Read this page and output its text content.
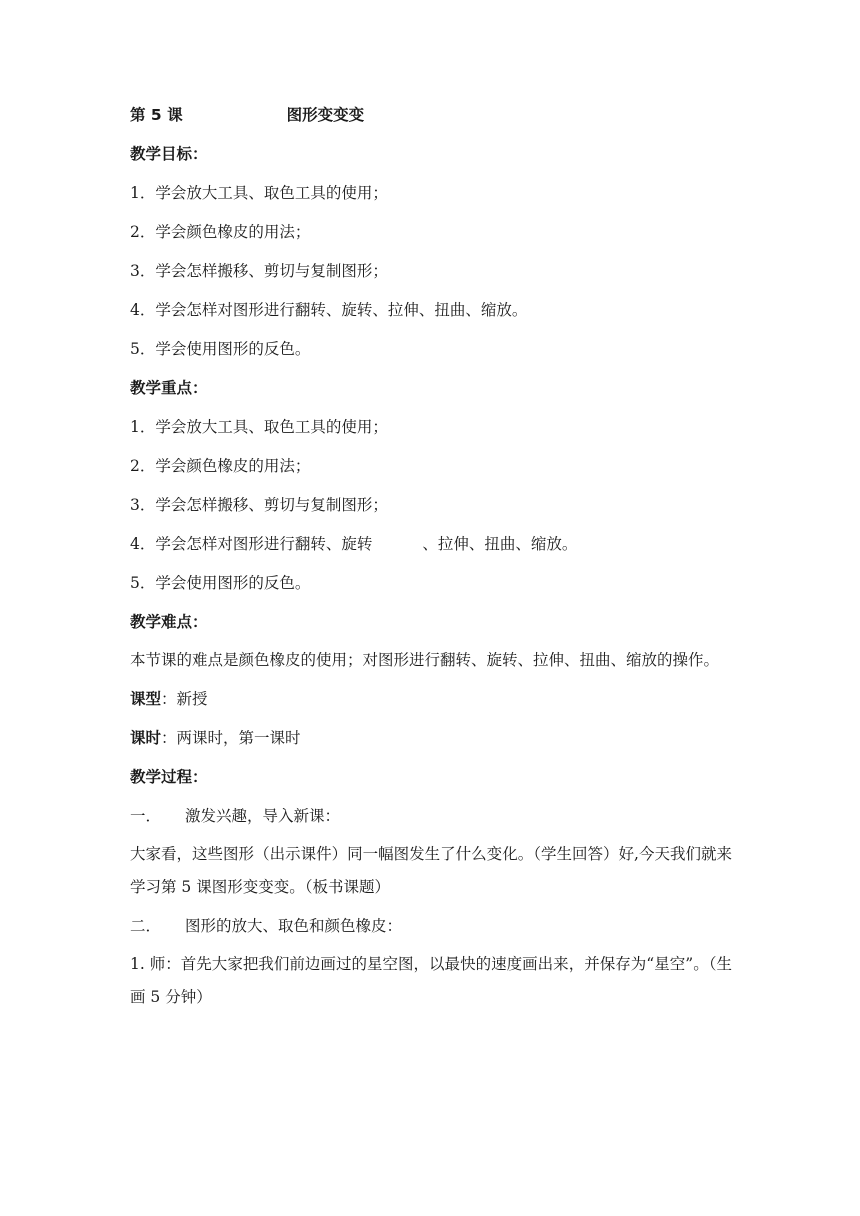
第 5 课	图形变变变
教学目标：
1．学会放大工具、取色工具的使用；
2．学会颜色橡皮的用法；
3．学会怎样搬移、剪切与复制图形；
4．学会怎样对图形进行翻转、旋转、拉伸、扭曲、缩放。
5．学会使用图形的反色。
教学重点：
1．学会放大工具、取色工具的使用；
2．学会颜色橡皮的用法；
3．学会怎样搬移、剪切与复制图形；
4．学会怎样对图形进行翻转、旋转	、拉伸、扭曲、缩放。
5．学会使用图形的反色。
教学难点：
本节课的难点是颜色橡皮的使用；对图形进行翻转、旋转、拉伸、扭曲、缩放的操作。
课型：新授
课时：两课时，第一课时
教学过程：
一． 激发兴趣，导入新课：
大家看，这些图形（出示课件）同一幅图发生了什么变化。（学生回答）好,今天我们就来学习第 5 课图形变变变。（板书课题）
二． 图形的放大、取色和颜色橡皮：
1. 师：首先大家把我们前边画过的星空图，以最快的速度画出来，并保存为“星空”。（生画 5 分钟）
